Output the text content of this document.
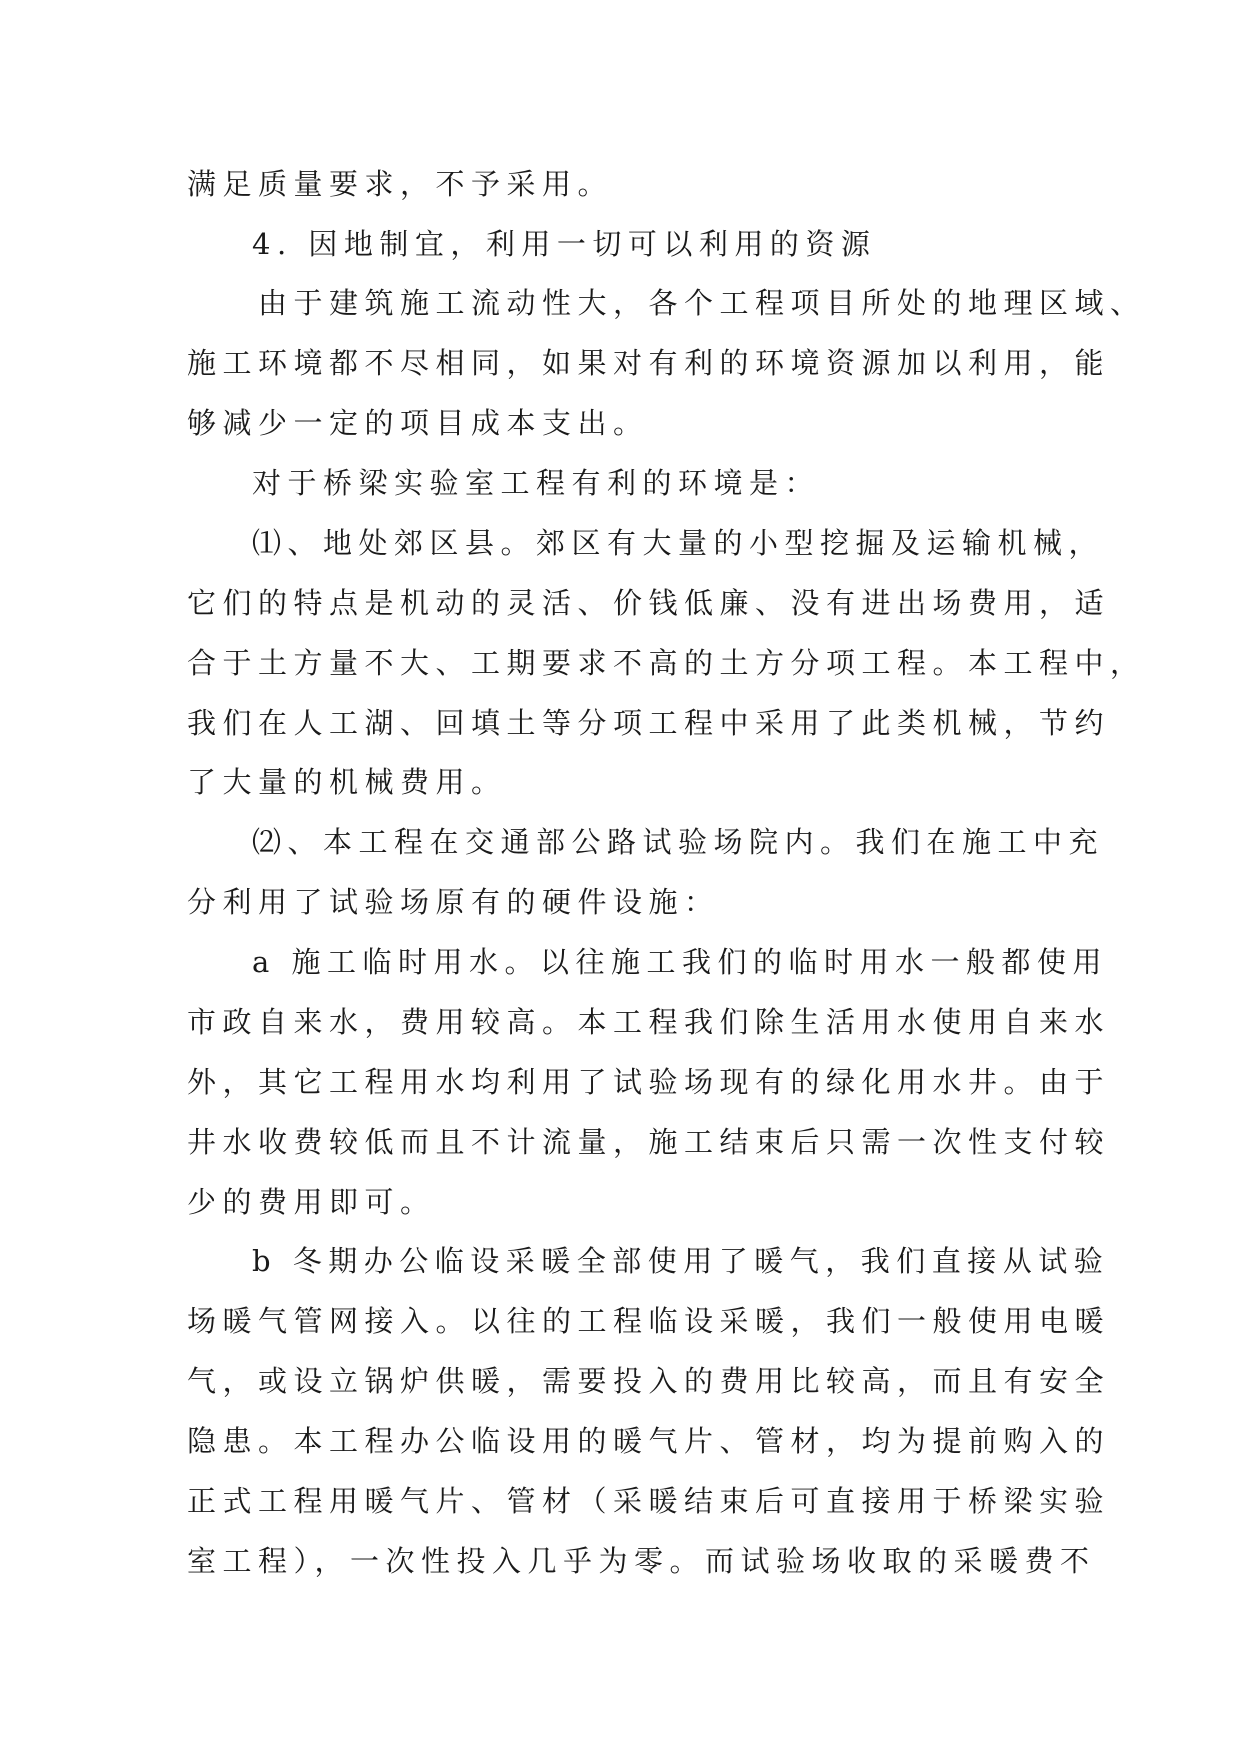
满足质量要求，不予采用。
4. 因地制宜，利用一切可以利用的资源
由于建筑施工流动性大，各个工程项目所处的地理区域、
施工环境都不尽相同，如果对有利的环境资源加以利用，能
够减少一定的项目成本支出。
对于桥梁实验室工程有利的环境是：
⑴、地处郊区县。郊区有大量的小型挖掘及运输机械，
它们的特点是机动的灵活、价钱低廉、没有进出场费用，适
合于土方量不大、工期要求不高的土方分项工程。本工程中，
我们在人工湖、回填土等分项工程中采用了此类机械，节约
了大量的机械费用。
⑵、本工程在交通部公路试验场院内。我们在施工中充
分利用了试验场原有的硬件设施：
a 施工临时用水。以往施工我们的临时用水一般都使用
市政自来水，费用较高。本工程我们除生活用水使用自来水
外，其它工程用水均利用了试验场现有的绿化用水井。由于
井水收费较低而且不计流量，施工结束后只需一次性支付较
少的费用即可。
b 冬期办公临设采暖全部使用了暖气，我们直接从试验
场暖气管网接入。以往的工程临设采暖，我们一般使用电暖
气，或设立锅炉供暖，需要投入的费用比较高，而且有安全
隐患。本工程办公临设用的暖气片、管材，均为提前购入的
正式工程用暖气片、管材（采暖结束后可直接用于桥梁实验
室工程），一次性投入几乎为零。而试验场收取的采暖费不
